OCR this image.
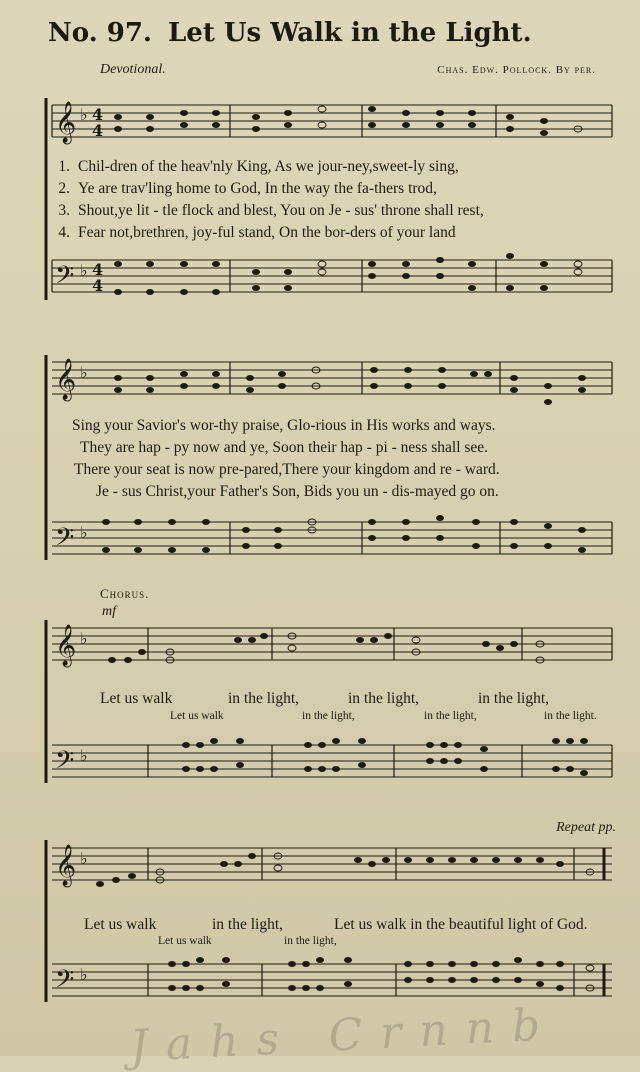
No. 97. Let Us Walk in the Light.
Devotional.	Chas. Edw. Pollock. By per.
𝄞
𝄢
𝄞
𝄢
𝄞
𝄢
𝄞
𝄢
♭
♭
♭
♭
♭
♭
♭
♭
4
4
4
4
1. Chil-dren of the heav'nly King, As we jour-ney,sweet-ly sing,
2. Ye are trav'ling home to God, In the way the fa-thers trod,
3. Shout,ye lit - tle flock and blest, You on Je - sus' throne shall rest,
4. Fear not,brethren, joy-ful stand, On the bor-ders of your land
Sing your Savior's wor-thy praise, Glo-rious in His works and ways.
They are hap - py now and ye, Soon their hap - pi - ness shall see.
There your seat is now pre-pared,There your kingdom and re - ward.
Je - sus Christ,your Father's Son, Bids you un - dis-mayed go on.
Chorus.
mf
Let us walk	in the light,	in the light,	in the light,
Let us walk	in the light,	in the light,	in the light.
Repeat pp.
Let us walk	in the light,	Let us walk in the beautiful light of God.
Let us walk	in the light,
Jahs Crnnb
